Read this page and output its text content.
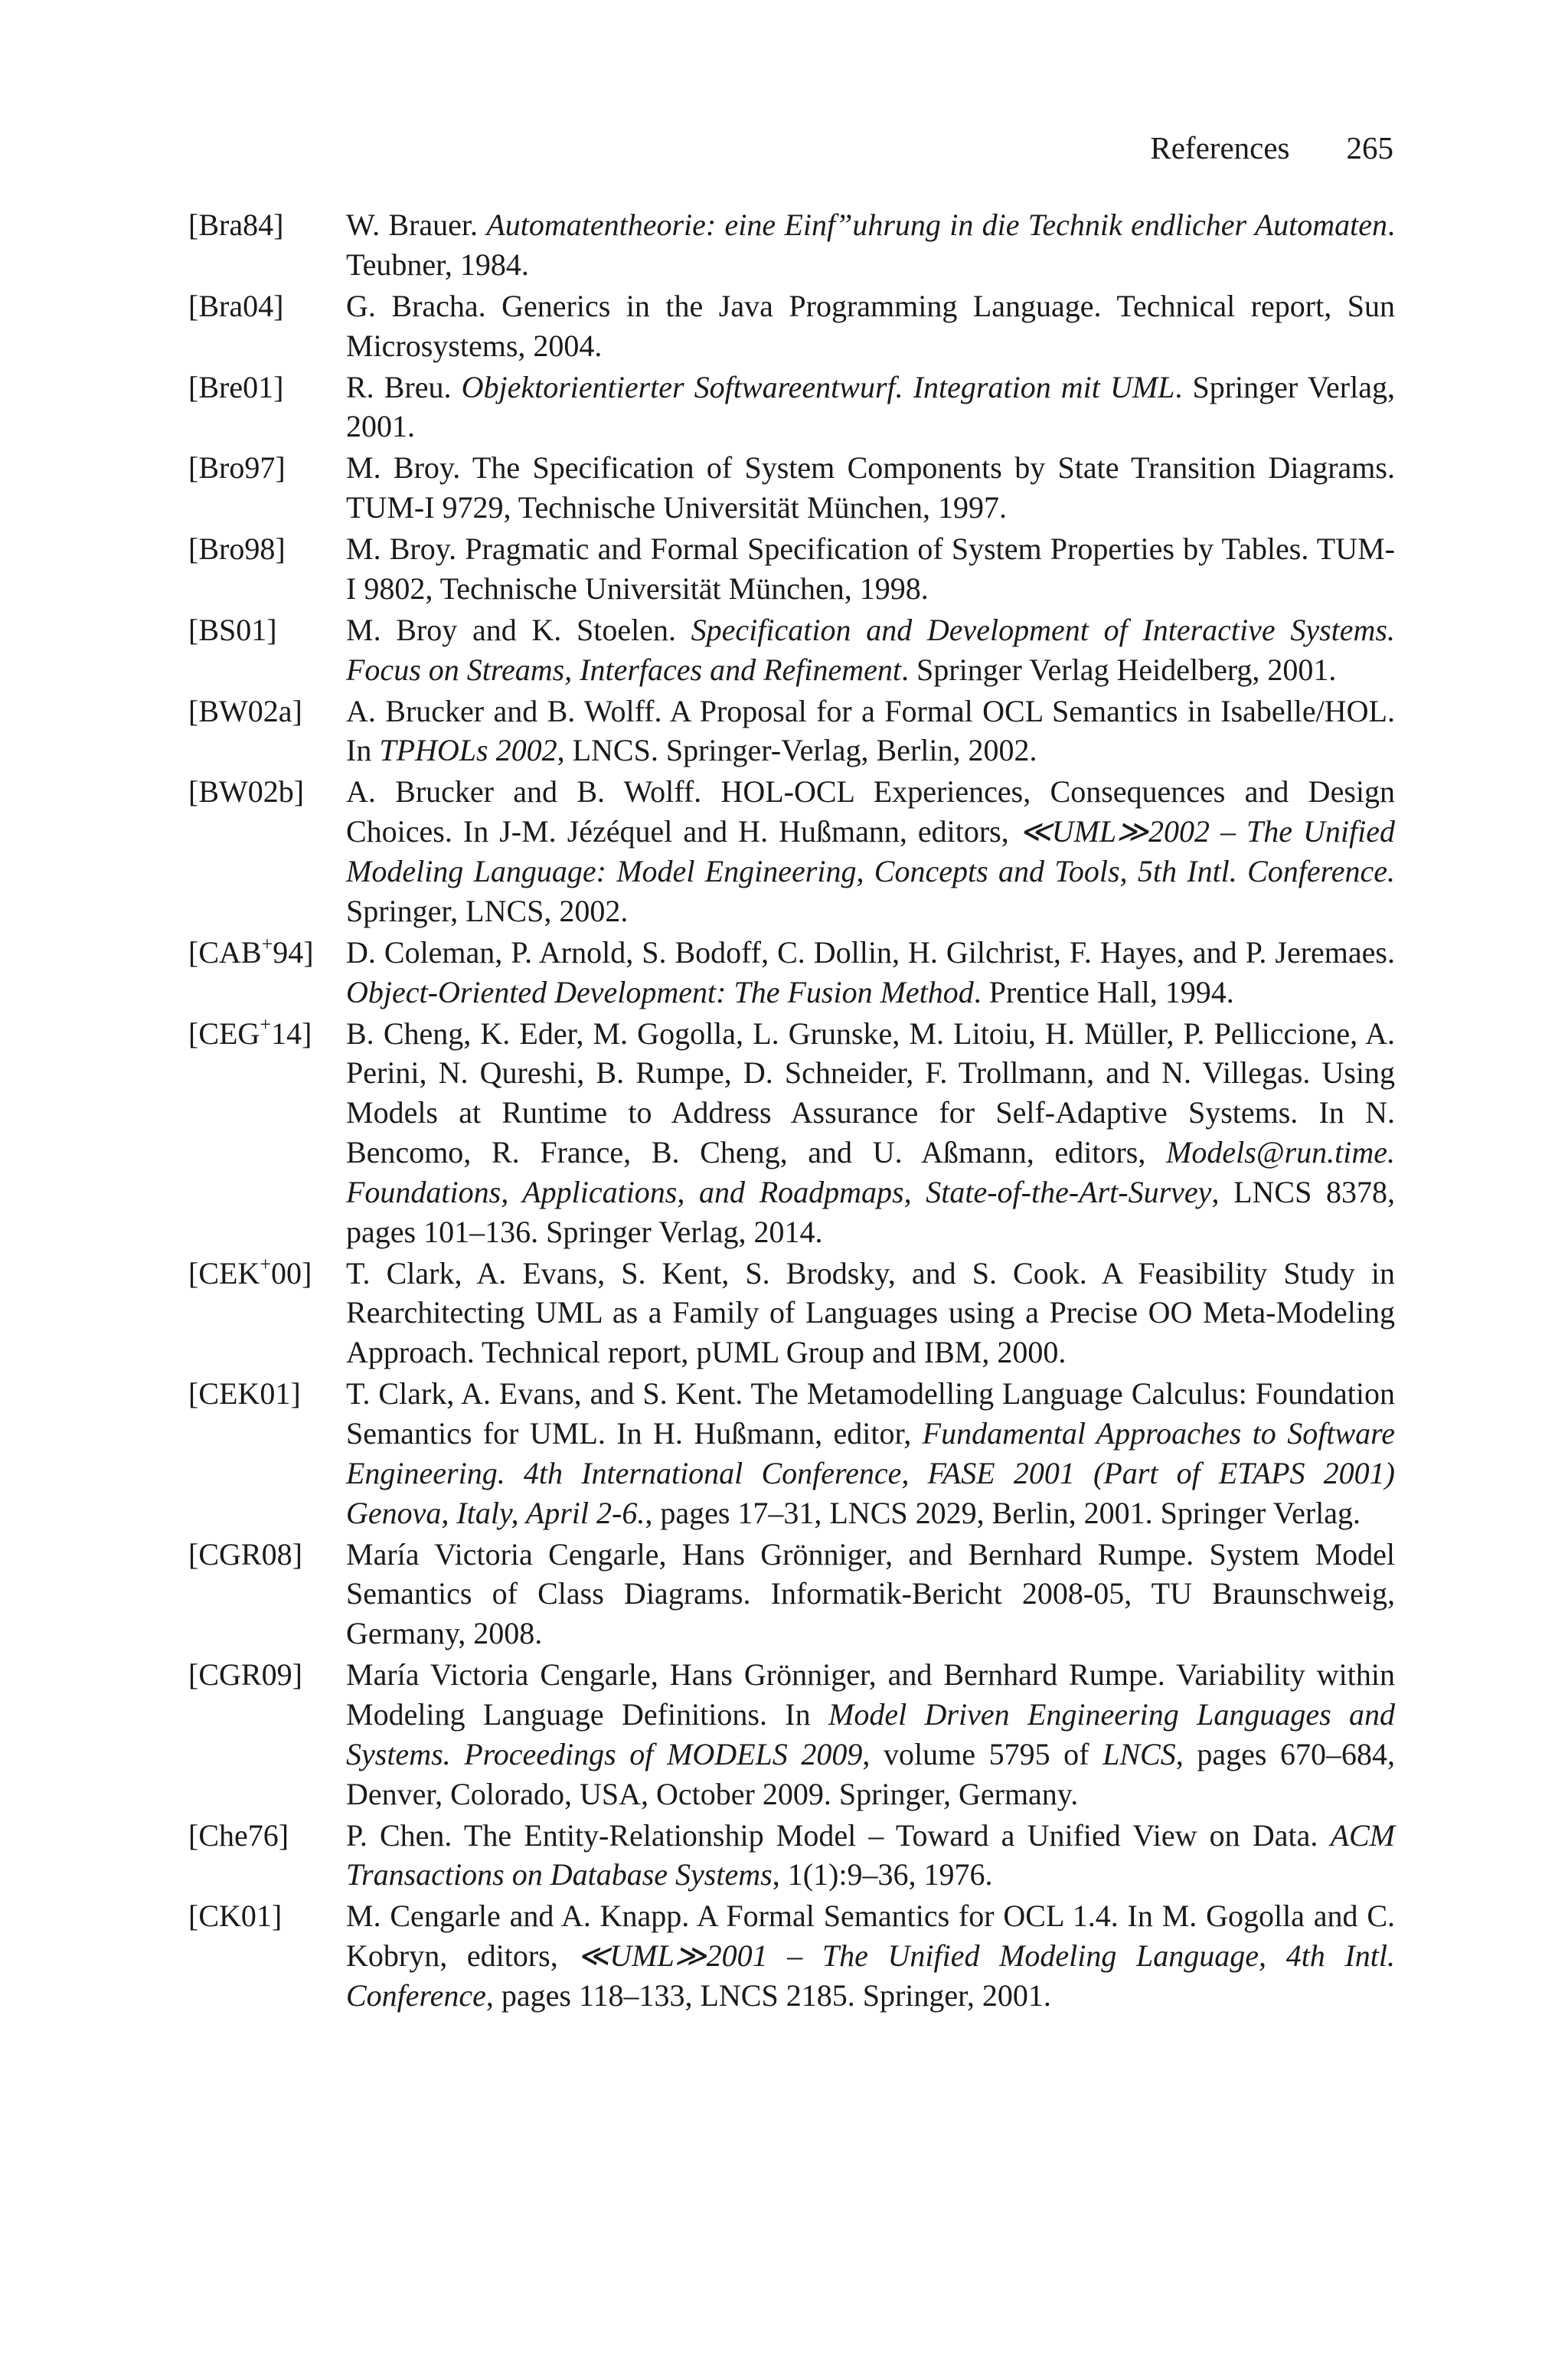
References 265
[Bra84]	W. Brauer. Automatentheorie: eine Einf”uhrung in die Technik endlicher Automaten. Teubner, 1984.
[Bra04]	G. Bracha. Generics in the Java Programming Language. Technical report, Sun Microsystems, 2004.
[Bre01]	R. Breu. Objektorientierter Softwareentwurf. Integration mit UML. Springer Verlag, 2001.
[Bro97]	M. Broy. The Specification of System Components by State Transition Diagrams. TUM-I 9729, Technische Universität München, 1997.
[Bro98]	M. Broy. Pragmatic and Formal Specification of System Properties by Tables. TUM-I 9802, Technische Universität München, 1998.
[BS01]	M. Broy and K. Stoelen. Specification and Development of Interactive Systems. Focus on Streams, Interfaces and Refinement. Springer Verlag Heidelberg, 2001.
[BW02a]	A. Brucker and B. Wolff. A Proposal for a Formal OCL Semantics in Isabelle/HOL. In TPHOLs 2002, LNCS. Springer-Verlag, Berlin, 2002.
[BW02b]	A. Brucker and B. Wolff. HOL-OCL Experiences, Consequences and Design Choices. In J-M. Jézéquel and H. Hußmann, editors, ≪UML≫2002 – The Unified Modeling Language: Model Engineering, Concepts and Tools, 5th Intl. Conference. Springer, LNCS, 2002.
[CAB+94]	D. Coleman, P. Arnold, S. Bodoff, C. Dollin, H. Gilchrist, F. Hayes, and P. Jeremaes. Object-Oriented Development: The Fusion Method. Prentice Hall, 1994.
[CEG+14]	B. Cheng, K. Eder, M. Gogolla, L. Grunske, M. Litoiu, H. Müller, P. Pelliccione, A. Perini, N. Qureshi, B. Rumpe, D. Schneider, F. Trollmann, and N. Villegas. Using Models at Runtime to Address Assurance for Self-Adaptive Systems. In N. Bencomo, R. France, B. Cheng, and U. Aßmann, editors, Models@run.time. Foundations, Applications, and Roadpmaps, State-of-the-Art-Survey, LNCS 8378, pages 101–136. Springer Verlag, 2014.
[CEK+00]	T. Clark, A. Evans, S. Kent, S. Brodsky, and S. Cook. A Feasibility Study in Rearchitecting UML as a Family of Languages using a Precise OO Meta-Modeling Approach. Technical report, pUML Group and IBM, 2000.
[CEK01]	T. Clark, A. Evans, and S. Kent. The Metamodelling Language Calculus: Foundation Semantics for UML. In H. Hußmann, editor, Fundamental Approaches to Software Engineering. 4th International Conference, FASE 2001 (Part of ETAPS 2001) Genova, Italy, April 2-6., pages 17–31, LNCS 2029, Berlin, 2001. Springer Verlag.
[CGR08]	María Victoria Cengarle, Hans Grönniger, and Bernhard Rumpe. System Model Semantics of Class Diagrams. Informatik-Bericht 2008-05, TU Braunschweig, Germany, 2008.
[CGR09]	María Victoria Cengarle, Hans Grönniger, and Bernhard Rumpe. Variability within Modeling Language Definitions. In Model Driven Engineering Languages and Systems. Proceedings of MODELS 2009, volume 5795 of LNCS, pages 670–684, Denver, Colorado, USA, October 2009. Springer, Germany.
[Che76]	P. Chen. The Entity-Relationship Model – Toward a Unified View on Data. ACM Transactions on Database Systems, 1(1):9–36, 1976.
[CK01]	M. Cengarle and A. Knapp. A Formal Semantics for OCL 1.4. In M. Gogolla and C. Kobryn, editors, ≪UML≫2001 – The Unified Modeling Language, 4th Intl. Conference, pages 118–133, LNCS 2185. Springer, 2001.
